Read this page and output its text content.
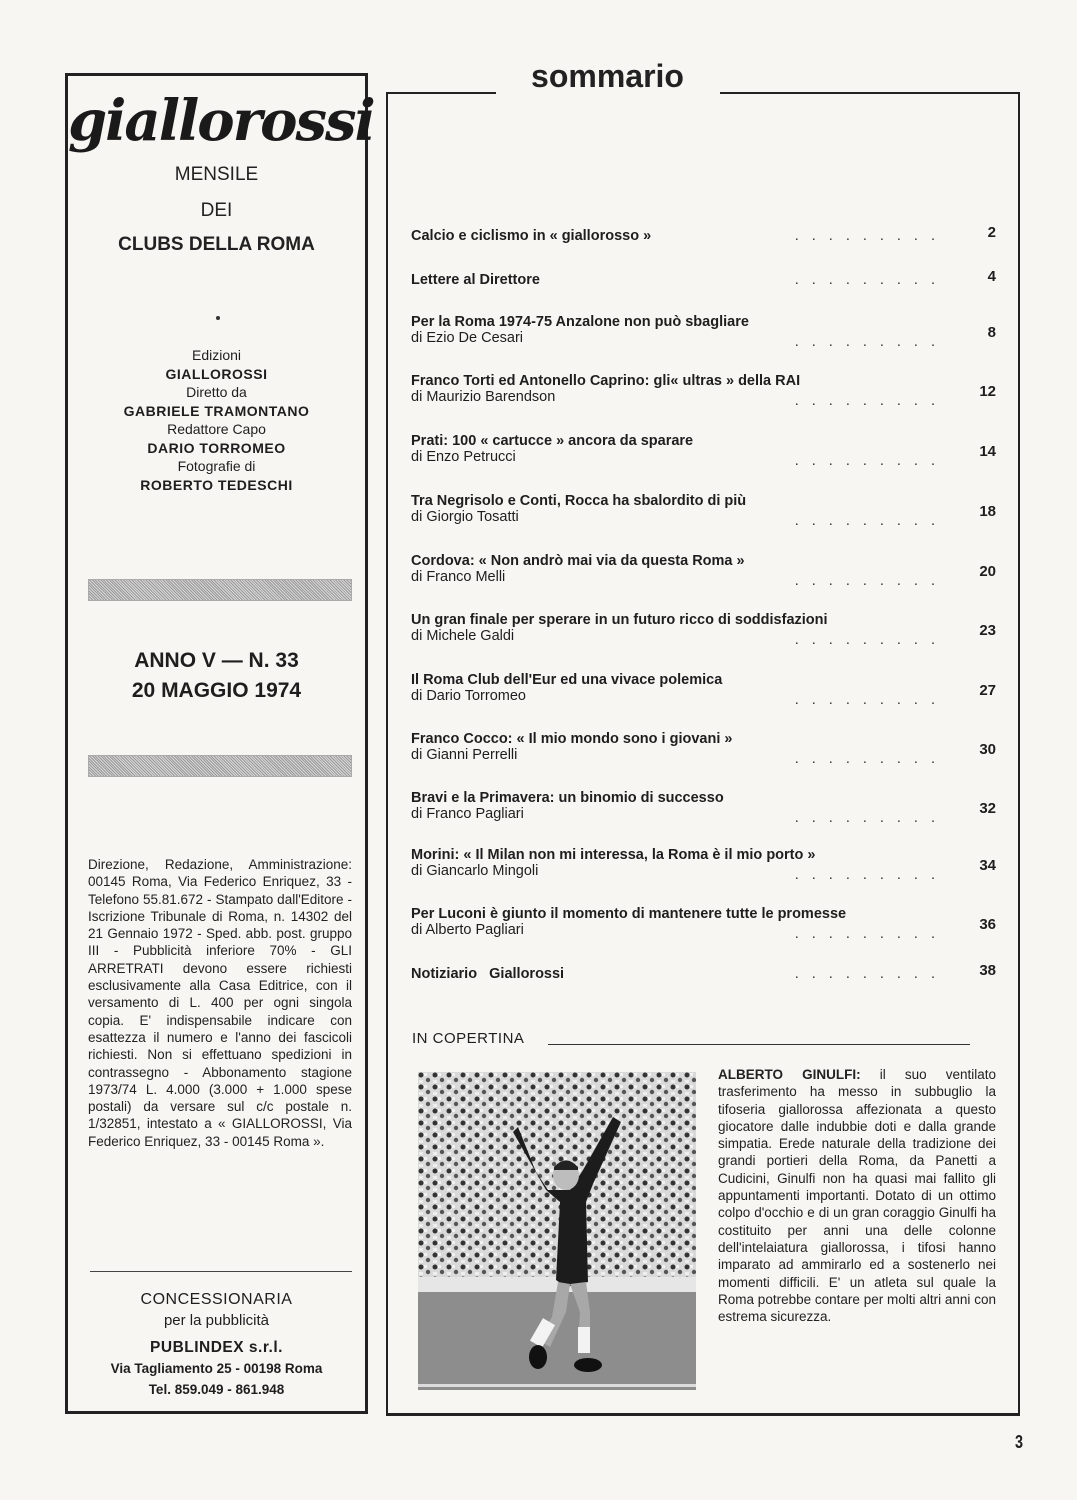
giallorossi
MENSILE
DEI
CLUBS DELLA ROMA
Edizioni
GIALLOROSSI
Diretto da
GABRIELE TRAMONTANO
Redattore Capo
DARIO TORROMEO
Fotografie di
ROBERTO TEDESCHI
ANNO V — N. 33
20 MAGGIO 1974
Direzione, Redazione, Amministrazione: 00145 Roma, Via Federico Enriquez, 33 - Telefono 55.81.672 - Stampato dall'Editore - Iscrizione Tribunale di Roma, n. 14302 del 21 Gennaio 1972 - Sped. abb. post. gruppo III - Pubblicità inferiore 70% - GLI ARRETRATI devono essere richiesti esclusivamente alla Casa Editrice, con il versamento di L. 400 per ogni singola copia. E' indispensabile indicare con esattezza il numero e l'anno dei fascicoli richiesti. Non si effettuano spedizioni in contrassegno - Abbonamento stagione 1973/74 L. 4.000 (3.000 + 1.000 spese postali) da versare sul c/c postale n. 1/32851, intestato a « GIALLOROSSI, Via Federico Enriquez, 33 - 00145 Roma ».
CONCESSIONARIA
per la pubblicità
PUBLINDEX s.r.l.
Via Tagliamento 25 - 00198 Roma
Tel. 859.049 - 861.948
sommario
Calcio e ciclismo in « giallorosso »	.........	2
Lettere al Direttore	.........	4
Per la Roma 1974-75 Anzalone non può sbagliare
di Ezio De Cesari	.........
8
Franco Torti ed Antonello Caprino: gli« ultras » della RAI
di Maurizio Barendson	.........
12
Prati: 100 « cartucce » ancora da sparare
di Enzo Petrucci	.........
14
Tra Negrisolo e Conti, Rocca ha sbalordito di più
di Giorgio Tosatti	.........
18
Cordova: « Non andrò mai via da questa Roma »
di Franco Melli	.........
20
Un gran finale per sperare in un futuro ricco di soddisfazioni
di Michele Galdi	.........
23
Il Roma Club dell'Eur ed una vivace polemica
di Dario Torromeo	.........
27
Franco Cocco: « Il mio mondo sono i giovani »
di Gianni Perrelli	.........
30
Bravi e la Primavera: un binomio di successo
di Franco Pagliari	.........
32
Morini: « Il Milan non mi interessa, la Roma è il mio porto »
di Giancarlo Mingoli	.........
34
Per Luconi è giunto il momento di mantenere tutte le promesse
di Alberto Pagliari	.........
36
Notiziario   Giallorossi	......... 38
IN COPERTINA
ALBERTO GINULFI: il suo ventilato trasferimento ha messo in subbuglio la tifoseria giallorossa affezionata a questo giocatore dalle indubbie doti e dalla grande simpatia. Erede naturale della tradizione dei grandi portieri della Roma, da Panetti a Cudicini, Ginulfi non ha quasi mai fallito gli appuntamenti importanti. Dotato di un ottimo colpo d'occhio e di un gran coraggio Ginulfi ha costituito per anni una delle colonne dell'intelaiatura giallorossa, i tifosi hanno imparato ad ammirarlo ed a sostenerlo nei momenti difficili. E' un atleta sul quale la Roma potrebbe contare per molti altri anni con estrema sicurezza.
3
